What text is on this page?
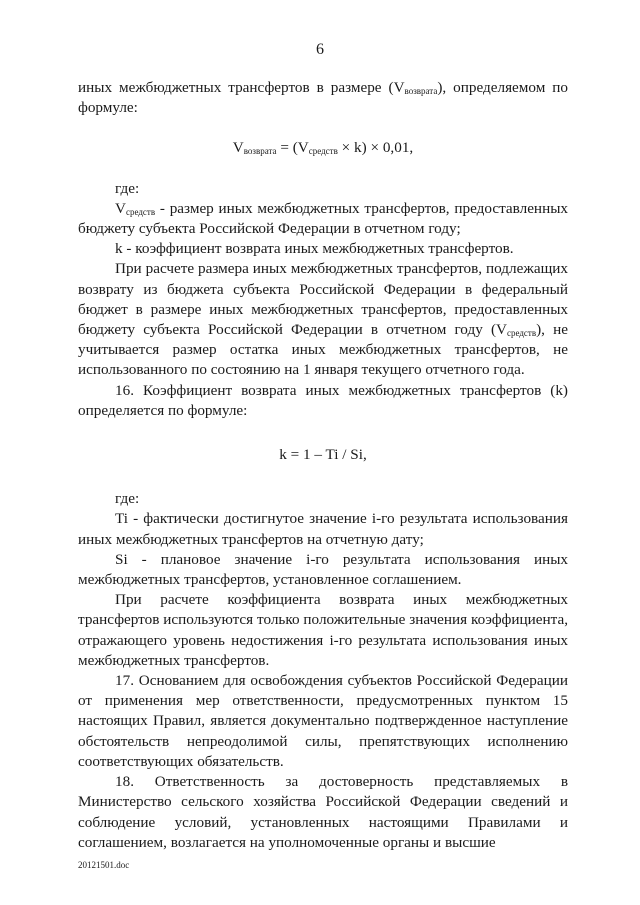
6

иных межбюджетных трансфертов в размере $(V_{возврата})$, определяемом по формуле:

$V_{возврата} = (V_{средств} \times k) \times 0,01$,

где:

$V_{средств}$ - размер иных межбюджетных трансфертов, предоставленных бюджету субъекта Российской Федерации в отчетном году;

k - коэффициент возврата иных межбюджетных трансфертов.

При расчете размера иных межбюджетных трансфертов, подлежащих возврату из бюджета субъекта Российской Федерации в федеральный бюджет в размере иных межбюджетных трансфертов, предоставленных бюджету субъекта Российской Федерации в отчетном году $(V_{средств})$, не учитывается размер остатка иных межбюджетных трансфертов, не использованного по состоянию на 1 января текущего отчетного года.

16. Коэффициент возврата иных межбюджетных трансфертов (k) определяется по формуле:

k = 1 – Ti / Si,

где:

Ti - фактически достигнутое значение i-го результата использования иных межбюджетных трансфертов на отчетную дату;

Si - плановое значение i-го результата использования иных межбюджетных трансфертов, установленное соглашением.

При расчете коэффициента возврата иных межбюджетных трансфертов используются только положительные значения коэффициента, отражающего уровень недостижения i-го результата использования иных межбюджетных трансфертов.

17. Основанием для освобождения субъектов Российской Федерации от применения мер ответственности, предусмотренных пунктом 15 настоящих Правил, является документально подтвержденное наступление обстоятельств непреодолимой силы, препятствующих исполнению соответствующих обязательств.

18. Ответственность за достоверность представляемых в Министерство сельского хозяйства Российской Федерации сведений и соблюдение условий, установленных настоящими Правилами и соглашением, возлагается на уполномоченные органы и высшие

20121501.doc
